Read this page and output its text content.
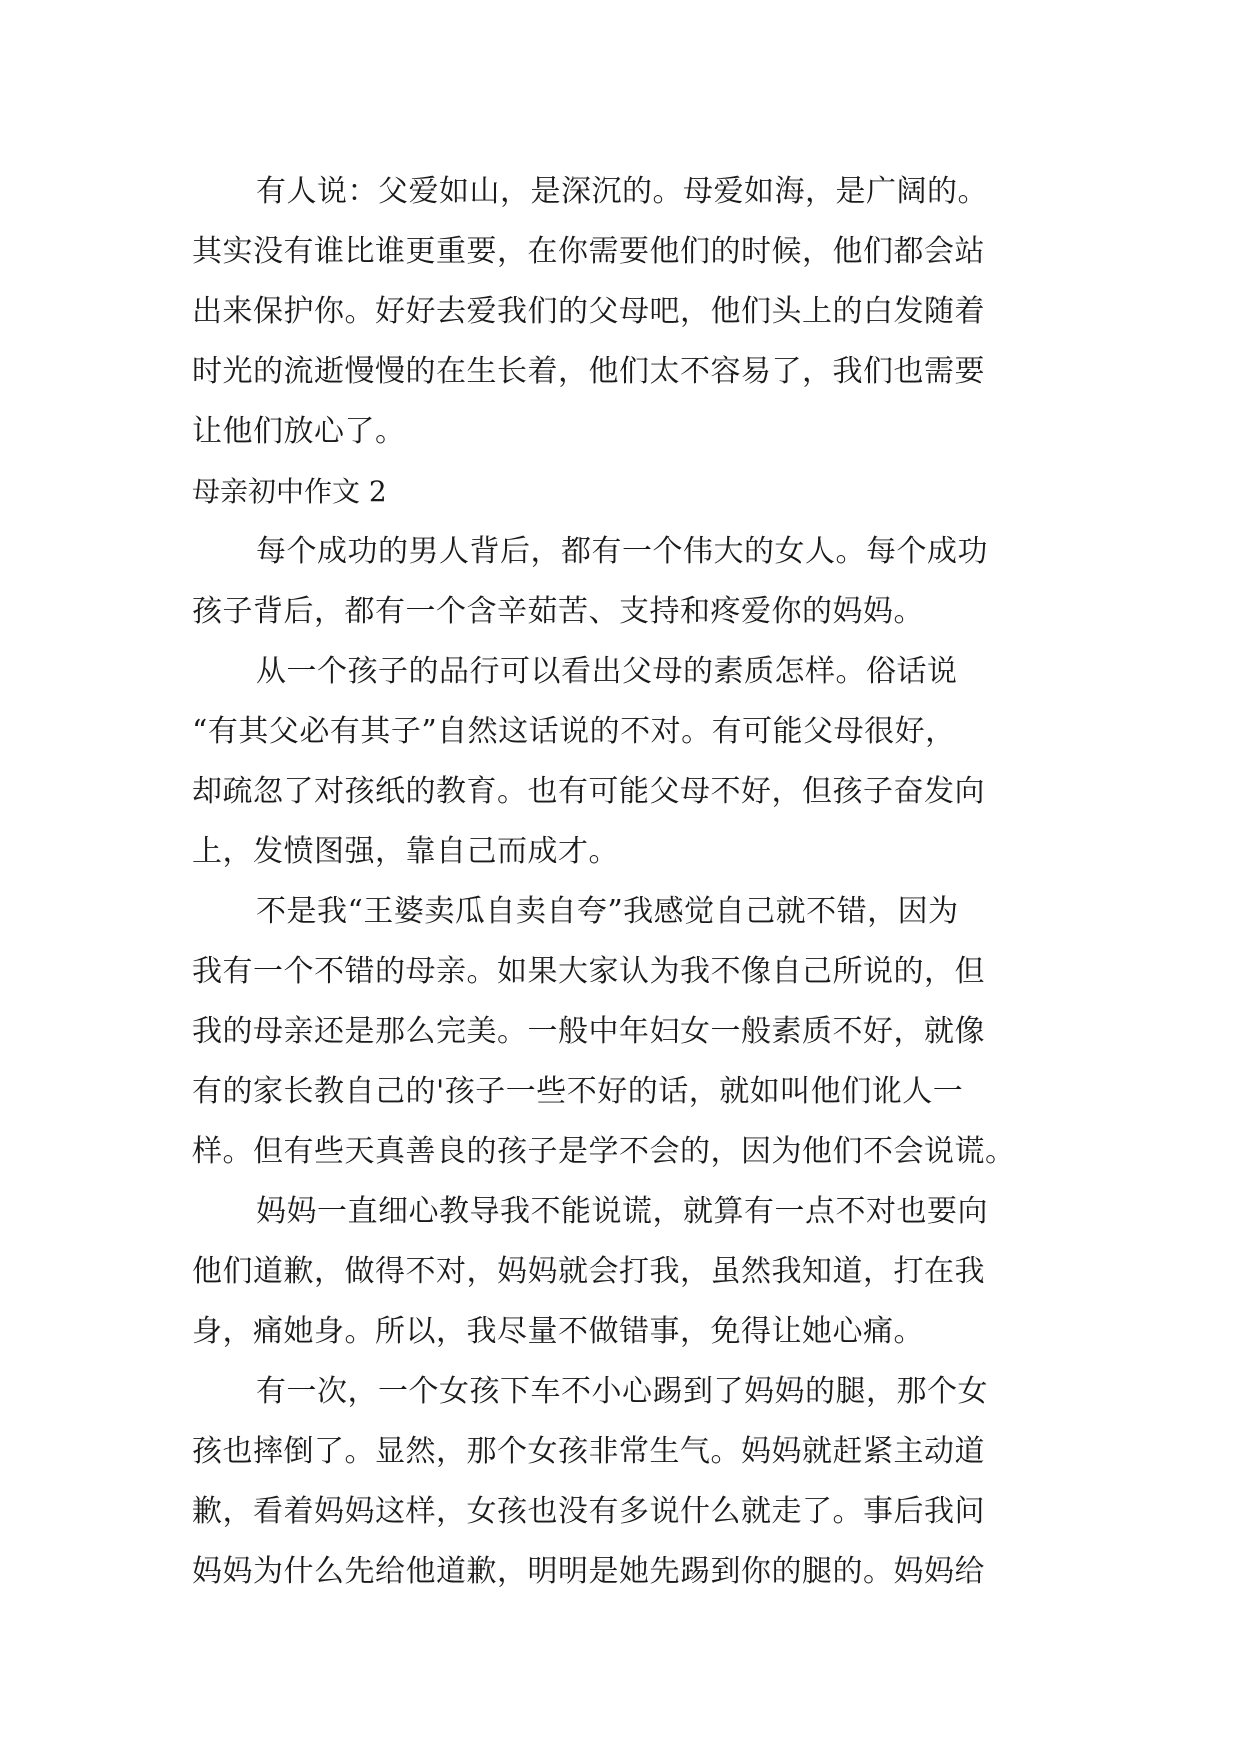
有人说：父爱如山，是深沉的。母爱如海，是广阔的。
其实没有谁比谁更重要，在你需要他们的时候，他们都会站
出来保护你。好好去爱我们的父母吧，他们头上的白发随着
时光的流逝慢慢的在生长着，他们太不容易了，我们也需要
让他们放心了。
母亲初中作文 2
每个成功的男人背后，都有一个伟大的女人。每个成功
孩子背后，都有一个含辛茹苦、支持和疼爱你的妈妈。
从一个孩子的品行可以看出父母的素质怎样。俗话说
“有其父必有其子”自然这话说的不对。有可能父母很好，
却疏忽了对孩纸的教育。也有可能父母不好，但孩子奋发向
上，发愤图强，靠自己而成才。
不是我“王婆卖瓜自卖自夸”我感觉自己就不错，因为
我有一个不错的母亲。如果大家认为我不像自己所说的，但
我的母亲还是那么完美。一般中年妇女一般素质不好，就像
有的家长教自己的'孩子一些不好的话，就如叫他们讹人一
样。但有些天真善良的孩子是学不会的，因为他们不会说谎。
妈妈一直细心教导我不能说谎，就算有一点不对也要向
他们道歉，做得不对，妈妈就会打我，虽然我知道，打在我
身，痛她身。所以，我尽量不做错事，免得让她心痛。
有一次，一个女孩下车不小心踢到了妈妈的腿，那个女
孩也摔倒了。显然，那个女孩非常生气。妈妈就赶紧主动道
歉，看着妈妈这样，女孩也没有多说什么就走了。事后我问
妈妈为什么先给他道歉，明明是她先踢到你的腿的。妈妈给
